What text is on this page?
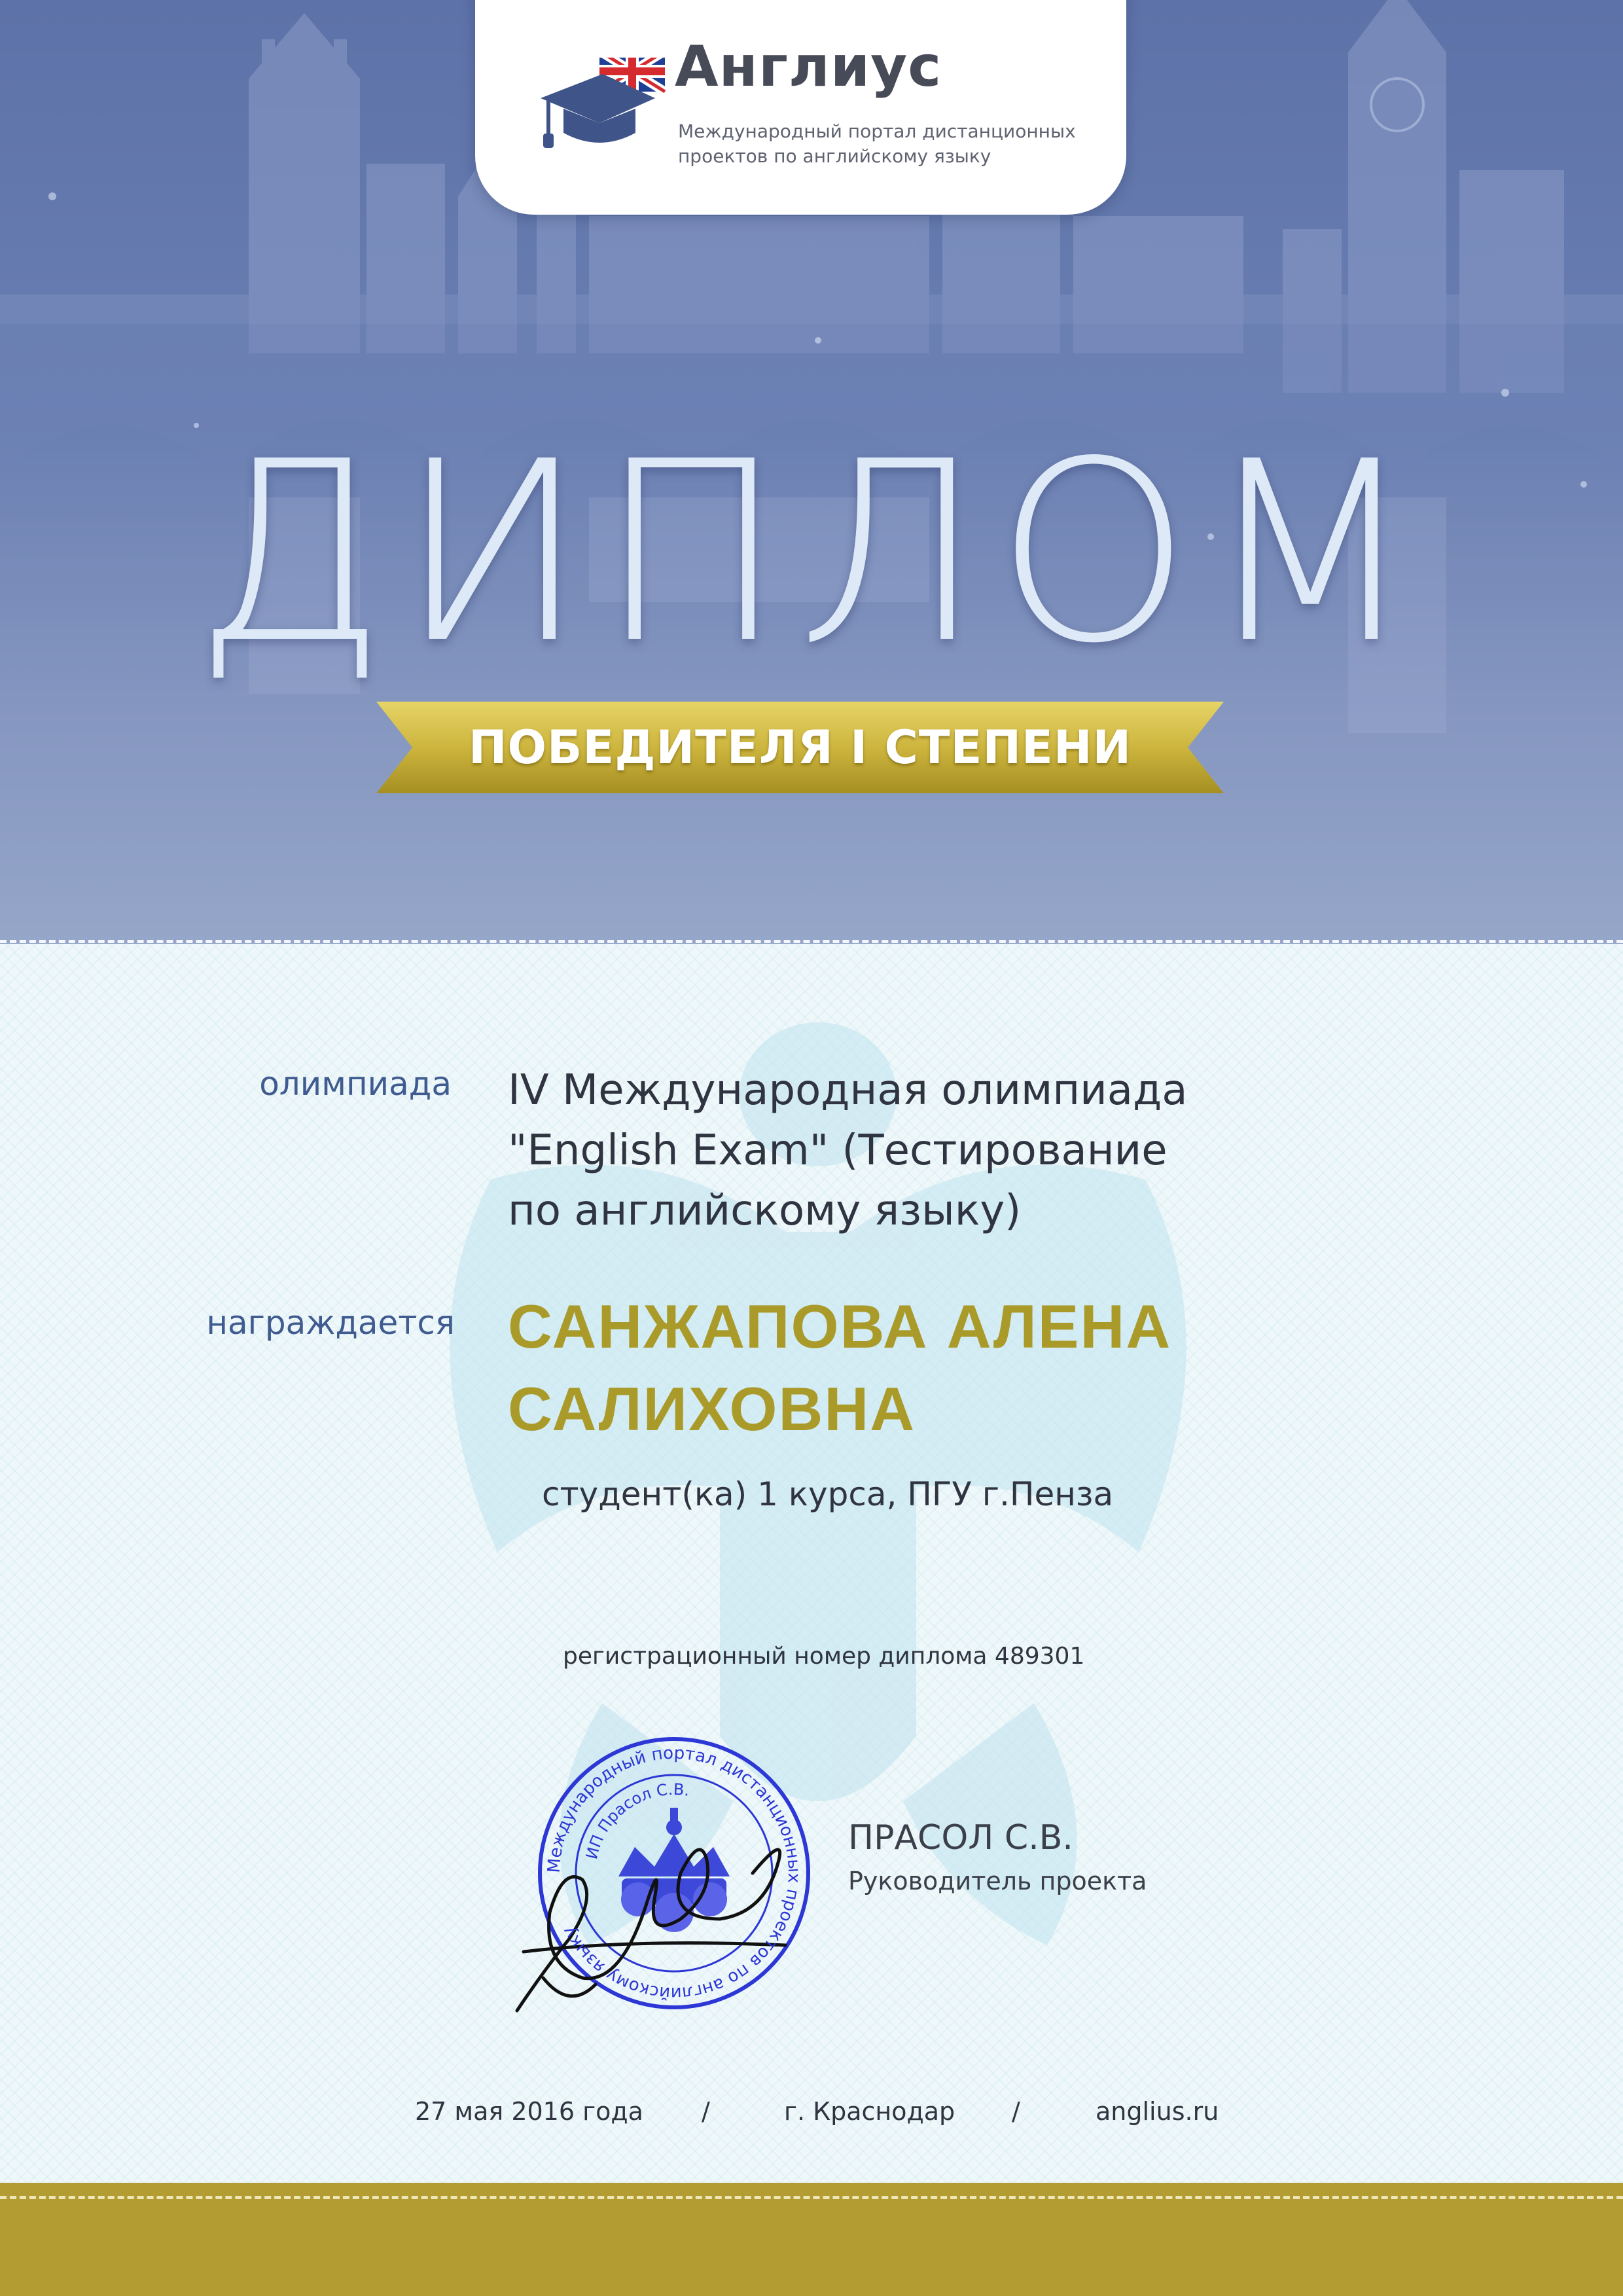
Англиус
Международный портал дистанционных
проектов по английскому языку
ДИПЛОМ
ПОБЕДИТЕЛЯ I СТЕПЕНИ
олимпиада IV Международная олимпиада
"English Exam" (Тестирование
по английскому языку)
награждается САНЖАПОВА АЛЕНА
САЛИХОВНА
студент(ка) 1 курса, ПГУ г.Пенза
регистрационный номер диплома 489301
Международный портал дистанционных проектов по английскому языку
ИП Прасол С.В.
ПРАСОЛ С.В.
Руководитель проекта
27 мая 2016 года /	г. Краснодар /	anglius.ru
